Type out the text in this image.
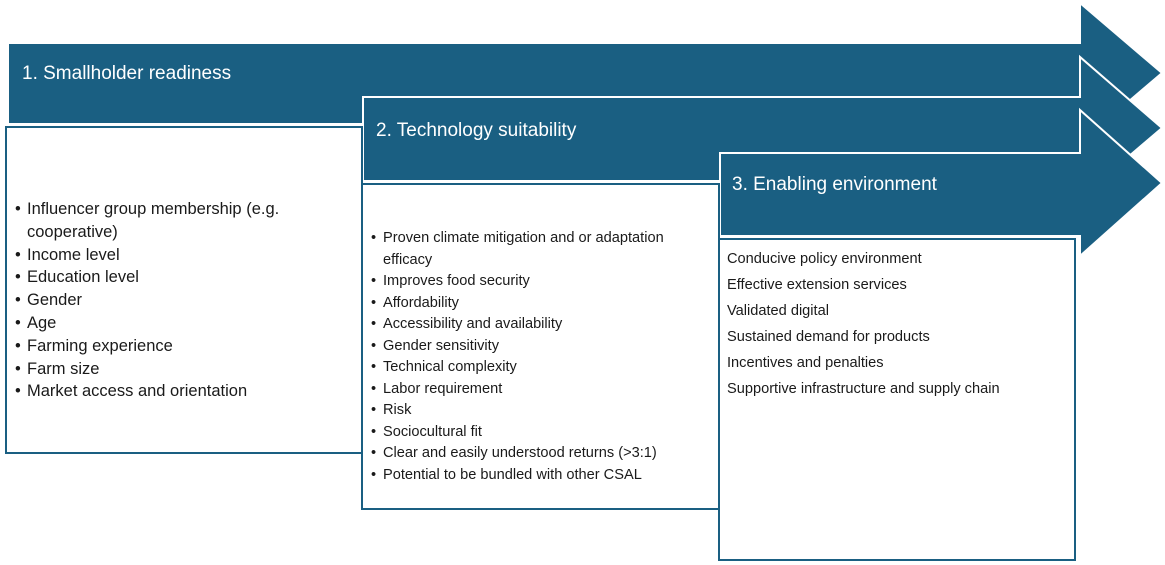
1. Smallholder readiness
2. Technology suitability
3. Enabling environment
• Influencer group membership (e.g. cooperative)
• Income level
• Education level
• Gender
• Age
• Farming experience
• Farm size
• Market access and orientation
• Proven climate mitigation and or adaptation efficacy
• Improves food security
• Affordability
• Accessibility and availability
• Gender sensitivity
• Technical complexity
• Labor requirement
• Risk
• Sociocultural fit
• Clear and easily understood returns (>3:1)
• Potential to be bundled with other CSAL
Conducive policy environment
Effective extension services
Validated digital
Sustained demand for products
Incentives and penalties
Supportive infrastructure and supply chain
